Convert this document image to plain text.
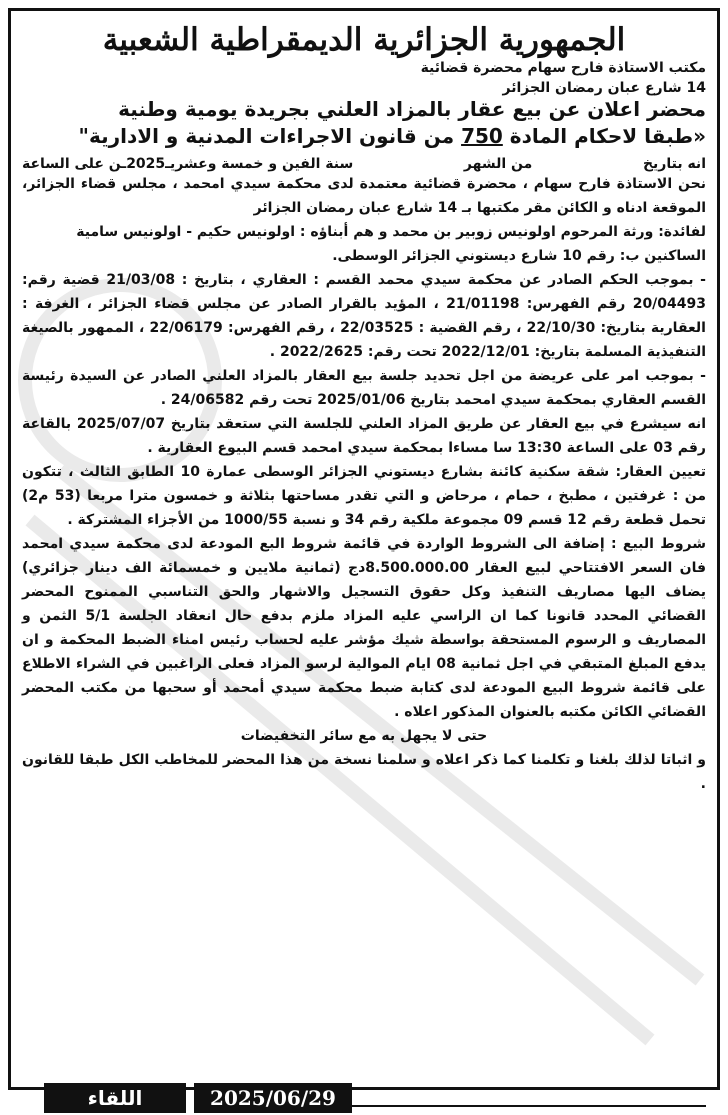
الجمهورية الجزائرية الديمقراطية الشعبية
مكتب الاستاذة فارح سهام محضرة قضائية
14 شارع عبان رمضان الجزائر
محضر اعلان عن بيع عقار بالمزاد العلني بجريدة يومية وطنية
«طبقا لاحكام المادة 750 من قانون الاجراءات المدنية و الادارية"
انه بتاريخ
من الشهر
سنة الفين و خمسة وعشريـ2025ـن على الساعة

نحن الاستاذة فارح سهام ، محضرة قضائية معتمدة لدى محكمة سيدي امحمد ، مجلس قضاء الجزائر، الموقعة ادناه و الكائن مقر مكتبها بـ 14 شارع عبان رمضان الجزائر

لفائدة: ورثة المرحوم اولونيس زوبير بن محمد و هم أبناؤه : اولونيس حكيم - اولونيس سامية

الساكنين ب: رقم 10 شارع ديستوني الجزائر الوسطى.

- بموجب الحكم الصادر عن محكمة سيدي محمد القسم : العقاري ، بتاريخ : 21/03/08 قضية رقم: 20/04493 رقم الفهرس: 21/01198 ، المؤيد بالقرار الصادر عن مجلس قضاء الجزائر ، الغرفة : العقارية بتاريخ: 22/10/30 ، رقم القضية : 22/03525 ، رقم الفهرس: 22/06179 ، الممهور بالصيغة التنفيذية المسلمة بتاريخ: 2022/12/01 تحت رقم: 2022/2625 .

- بموجب امر على عريضة من اجل تحديد جلسة بيع العقار بالمزاد العلني الصادر عن السيدة رئيسة القسم العقاري بمحكمة سيدي امحمد بتاريخ 2025/01/06 تحت رقم 24/06582 .

انه سيشرع في بيع العقار عن طريق المزاد العلني للجلسة التي ستعقد بتاريخ 2025/07/07 بالقاعة رقم 03 على الساعة 13:30 سا مساءا بمحكمة سيدي امحمد قسم البيوع العقارية .

تعيين العقار: شقة سكنية كائنة بشارع ديستوني الجزائر الوسطى عمارة 10 الطابق الثالث ، تتكون من : غرفتين ، مطبخ ، حمام ، مرحاض و التي تقدر مساحتها بثلاثة و خمسون مترا مربعا (53 م2) تحمل قطعة رقم 12 قسم 09 مجموعة ملكية رقم 34 و نسبة 1000/55 من الأجزاء المشتركة .

شروط البيع : إضافة الى الشروط الواردة في قائمة شروط البع المودعة لدى محكمة سيدي امحمد فان السعر الافتتاحي لبيع العقار 8.500.000.00دج (ثمانية ملايين و خمسمائة الف دينار جزائري) يضاف اليها مصاريف التنفيذ وكل حقوق التسجيل والاشهار والحق التناسبي الممنوح المحضر القضائي المحدد قانونا كما ان الراسي عليه المزاد ملزم بدفع حال انعقاد الجلسة 5/1 الثمن و المصاريف و الرسوم المستحقة بواسطة شيك مؤشر عليه لحساب رئيس امناء الضبط المحكمة و ان يدفع المبلغ المتبقي في اجل ثمانية 08 ايام الموالية لرسو المزاد فعلى الراغبين في الشراء الاطلاع على قائمة شروط البيع المودعة لدى كتابة ضبط محكمة سيدي أمحمد أو سحبها من مكتب المحضر القضائي الكائن مكتبه بالعنوان المذكور اعلاه .

حتى لا يجهل به مع سائر التخفيضات

و اثباتا لذلك بلغنا و تكلمنا كما ذكر اعلاه و سلمنا نسخة من هذا المحضر للمخاطب الكل طبقا للقانون .

اللقاء	2025/06/29
